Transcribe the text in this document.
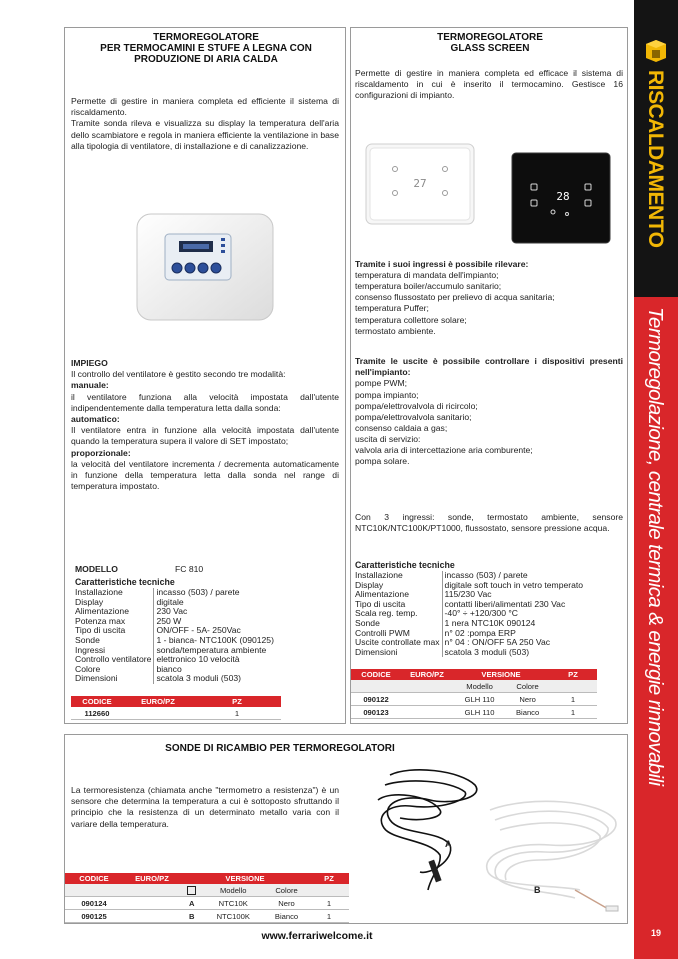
TERMOREGOLATORE
PER TERMOCAMINI E STUFE A LEGNA CON
PRODUZIONE DI ARIA CALDA

Permette di gestire in maniera completa ed efficiente il sistema di riscaldamento.

Tramite sonda rileva e visualizza su display la temperatura dell'aria dello scambiatore e regola in maniera efficiente la ventilazione in base alla tipologia di ventilatore, di installazione e di canalizzazione.

IMPIEGO
Il controllo del ventilatore è gestito secondo tre modalità:
manuale:

il ventilatore funziona alla velocità impostata dall'utente indipendentemente dalla temperatura letta dalla sonda:

automatico:

Il ventilatore entra in funzione alla velocità impostata dall'utente quando la temperatura supera il valore di SET impostato;

proporzionale:

la velocità del ventilatore incrementa / decrementa automaticamente in funzione della temperatura letta dalla sonda nel range di temperatura impostato.

MODELLO	FC 810
Caratteristiche tecniche
Installazione	incasso (503) / parete
Display	digitale
Alimentazione	230 Vac
Potenza max	250 W
Tipo di uscita	ON/OFF - 5A- 250Vac
Sonde	1 - bianca- NTC100K (090125)
Ingressi	sonda/temperatura ambiente
Controllo ventilatore	elettronico 10 velocità
Colore	bianco
Dimensioni	scatola 3 moduli (503)
CODICE	EURO/PZ	PZ
112660		1
TERMOREGOLATORE
GLASS SCREEN

Permette di gestire in maniera completa ed efficace il sistema di riscaldamento in cui è inserito il termocamino. Gestisce 16 configurazioni di impianto.

27
28
Tramite i suoi ingressi è possibile rilevare:
temperatura di mandata dell'impianto;
temperatura boiler/accumulo sanitario;
consenso flussostato per prelievo di acqua sanitaria;
temperatura Puffer;
temperatura collettore solare;
termostato ambiente.

Tramite le uscite è possibile controllare i dispositivi presenti nell'impianto:

pompe PWM;
pompa impianto;
pompa/elettrovalvola di ricircolo;
pompa/elettrovalvola sanitario;
consenso caldaia a gas;
uscita di servizio:
valvola aria di intercettazione aria comburente;
pompa solare.

Con 3 ingressi: sonde, termostato ambiente, sensore NTC10K/NTC100K/PT1000, flussostato, sensore pressione acqua.

Caratteristiche tecniche
Installazione	incasso (503) / parete
Display	digitale soft touch in vetro temperato
Alimentazione	115/230 Vac
Tipo di uscita	contatti liberi/alimentati 230 Vac
Scala reg. temp.	-40° ÷ +120/300 °C
Sonde	1 nera NTC10K 090124
Controlli PWM	n° 02 :pompa ERP
Uscite controllate max	n° 04 : ON/OFF 5A 250 Vac
Dimensioni	scatola 3 moduli (503)
CODICE	EURO/PZ	VERSIONE		PZ
		Modello	Colore	
090122		GLH 110	Nero	1
090123		GLH 110	Bianco	1
SONDE DI RICAMBIO PER TERMOREGOLATORI

La termoresistenza (chiamata anche "termometro a resistenza") è un sensore che determina la temperatura a cui è sottoposto sfruttando il principio che la resistenza di un determinato metallo varia con il variare della temperatura.

A
B
CODICE	EURO/PZ	VERSIONE			PZ
			Modello	Colore	
090124		A	NTC10K	Nero	1
090125		B	NTC100K	Bianco	1
www.ferrariwelcome.it
RISCALDAMENTO
Termoregolazione, centrale termica & energie rinnovabili
19
